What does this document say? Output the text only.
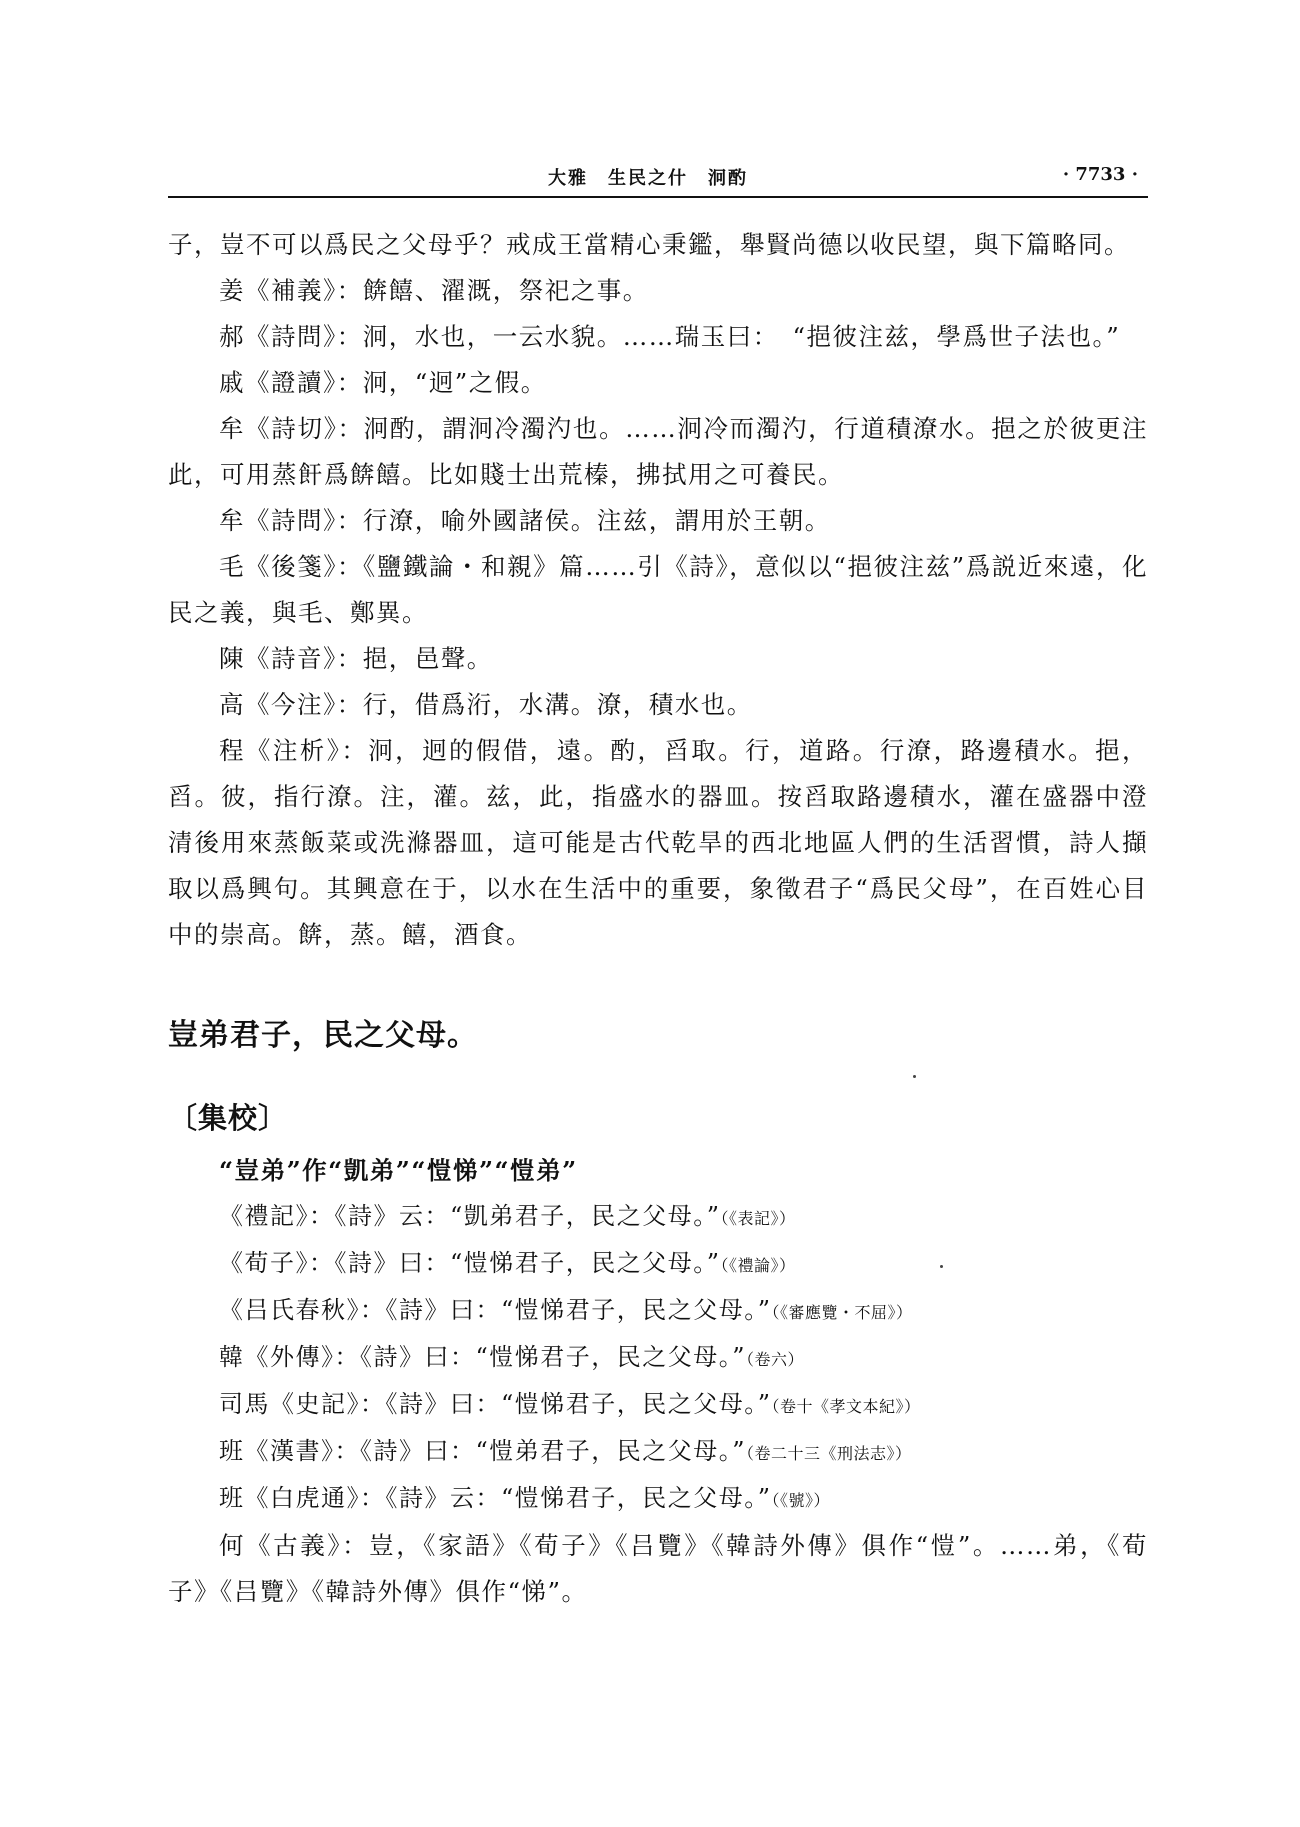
大雅　生民之什　泂酌	· 7733 ·

子，豈不可以爲民之父母乎？戒成王當精心秉鑑，舉賢尚德以收民望，與下篇略同。

姜《補義》：餴饎、濯溉，祭祀之事。

郝《詩問》：泂，水也，一云水貌。……瑞玉曰：　“挹彼注兹，學爲世子法也。”

戚《證讀》：泂，“迥”之假。

牟《詩切》：泂酌，謂泂冷濁汋也。……泂冷而濁汋，行道積潦水。挹之於彼更注此，可用蒸飦爲餴饎。比如賤士出荒榛，拂拭用之可養民。

牟《詩問》：行潦，喻外國諸侯。注兹，謂用於王朝。

毛《後箋》：《鹽鐵論・和親》篇……引《詩》，意似以“挹彼注兹”爲説近來遠，化民之義，與毛、鄭異。

陳《詩音》：挹，邑聲。

高《今注》：行，借爲洐，水溝。潦，積水也。

程《注析》：泂，迥的假借，遠。酌，舀取。行，道路。行潦，路邊積水。挹，舀。彼，指行潦。注，灌。兹，此，指盛水的器皿。按舀取路邊積水，灌在盛器中澄清後用來蒸飯菜或洗滌器皿，這可能是古代乾旱的西北地區人們的生活習慣，詩人擷取以爲興句。其興意在于，以水在生活中的重要，象徵君子“爲民父母”，在百姓心目中的崇高。餴，蒸。饎，酒食。

豈弟君子，民之父母。
〔集校〕

“豈弟”作“凱弟”“愷悌”“愷弟”

《禮記》：《詩》云：“凱弟君子，民之父母。”（《表記》）

《荀子》：《詩》曰：“愷悌君子，民之父母。”（《禮論》）

《吕氏春秋》：《詩》曰：“愷悌君子，民之父母。”（《審應覽・不屈》）

韓《外傳》：《詩》曰：“愷悌君子，民之父母。”（卷六）

司馬《史記》：《詩》曰：“愷悌君子，民之父母。”（卷十《孝文本紀》）

班《漢書》：《詩》曰：“愷弟君子，民之父母。”（卷二十三《刑法志》）

班《白虎通》：《詩》云：“愷悌君子，民之父母。”（《號》）

何《古義》：豈，《家語》《荀子》《吕覽》《韓詩外傳》俱作“愷”。……弟，《荀子》《吕覽》《韓詩外傳》俱作“悌”。
